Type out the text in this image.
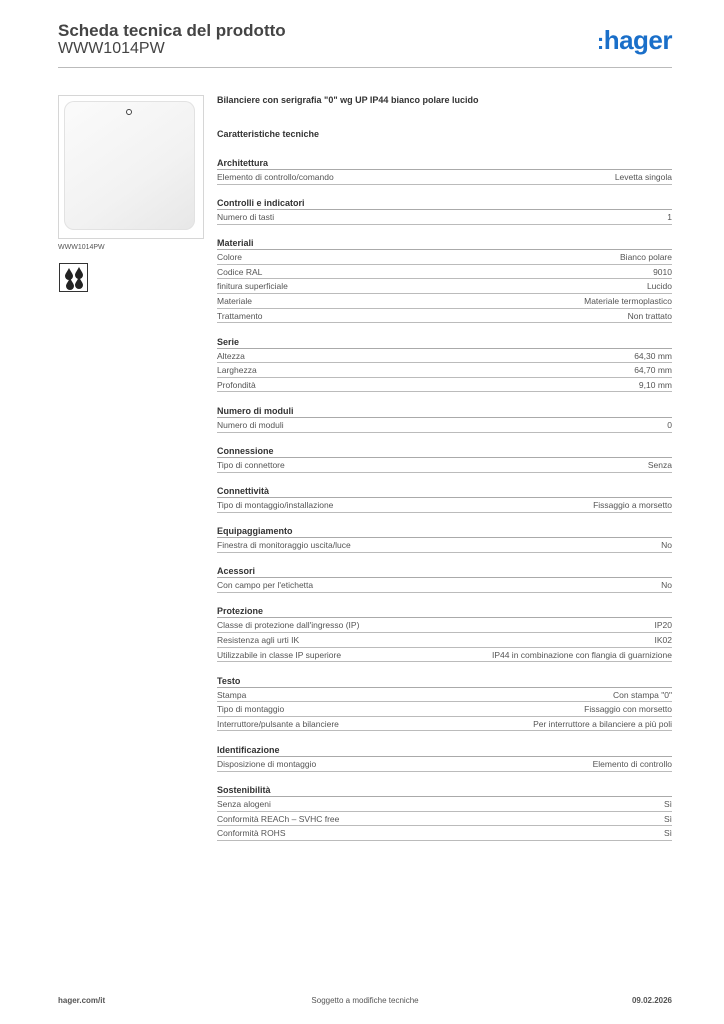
Scheda tecnica del prodotto
WWW1014PW	:hager
WWW1014PW
Bilanciere con serigrafia "0" wg UP IP44 bianco polare lucido
Caratteristiche tecniche
Architettura
Elemento di controllo/comando	Levetta singola
Controlli e indicatori
Numero di tasti	1
Materiali
Colore	Bianco polare
Codice RAL	9010
finitura superficiale	Lucido
Materiale	Materiale termoplastico
Trattamento	Non trattato
Serie
Altezza	64,30 mm
Larghezza	64,70 mm
Profondità	9,10 mm
Numero di moduli
Numero di moduli	0
Connessione
Tipo di connettore	Senza
Connettività
Tipo di montaggio/installazione	Fissaggio a morsetto
Equipaggiamento
Finestra di monitoraggio uscita/luce	No
Acessori
Con campo per l'etichetta	No
Protezione
Classe di protezione dall'ingresso (IP)	IP20
Resistenza agli urti IK	IK02
Utilizzabile in classe IP superiore	IP44 in combinazione con flangia di guarnizione
Testo
Stampa	Con stampa "0"
Tipo di montaggio	Fissaggio con morsetto
Interruttore/pulsante a bilanciere	Per interruttore a bilanciere a più poli
Identificazione
Disposizione di montaggio	Elemento di controllo
Sostenibilità
Senza alogeni	Sì
Conformità REACh – SVHC free	Sì
Conformità ROHS	Sì
hager.com/it	Soggetto a modifiche tecniche	09.02.2026
